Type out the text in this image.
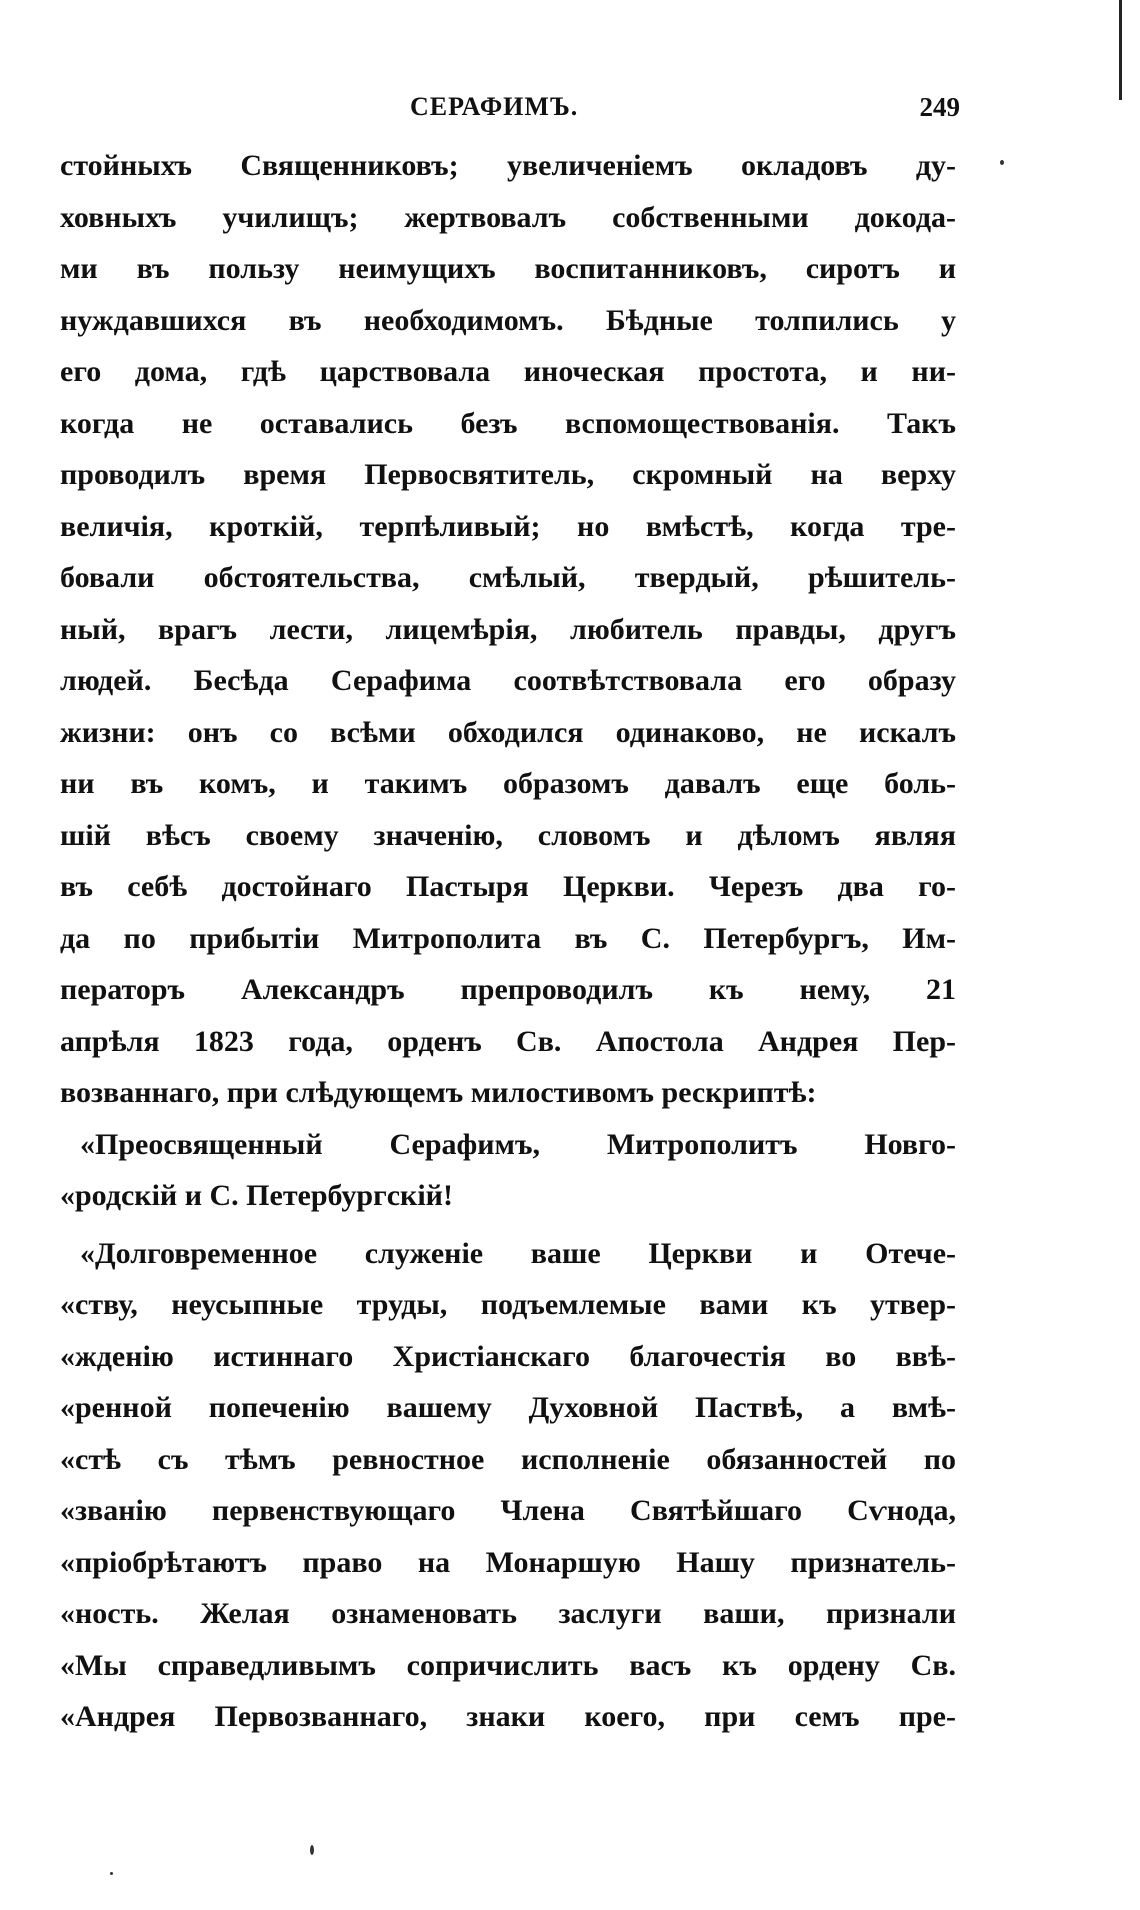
СЕРАФИМЪ.	249
стойныхъ Священниковъ; увеличенiемъ окладовъ ду-
ховныхъ училищъ; жертвовалъ собственными докода-
ми въ пользу неимущихъ воспитанниковъ, сиротъ и
нуждавшихся въ необходимомъ. Бѣдные толпились у
его дома, гдѣ царствовала иноческая простота, и ни-
когда не оставались безъ вспомоществованiя. Такъ
проводилъ время Первосвятитель, скромный на верху
величiя, кроткiй, терпѣливый; но вмѣстѣ, когда тре-
бовали обстоятельства, смѣлый, твердый, рѣшитель-
ный, врагъ лести, лицемѣрiя, любитель правды, другъ
людей. Бесѣда Серафима соотвѣтствовала его образу
жизни: онъ со всѣми обходился одинаково, не искалъ
ни въ комъ, и такимъ образомъ давалъ еще боль-
шiй вѣсъ своему значенiю, словомъ и дѣломъ являя
въ себѣ достойнаго Пастыря Церкви. Черезъ два го-
да по прибытiи Митрополита въ С. Петербургъ, Им-
ператоръ Александръ препроводилъ къ нему, 21
апрѣля 1823 года, орденъ Св. Апостола Андрея Пер-
возваннаго, при слѣдующемъ милостивомъ рескриптѣ:
«Преосвященный Серафимъ, Митрополитъ Новго-
«родскiй и С. Петербургскiй!
«Долговременное служенiе ваше Церкви и Отече-
«ству, неусыпные труды, подъемлемые вами къ утвер-
«жденiю истиннаго Христiанскаго благочестiя во ввѣ-
«ренной попеченiю вашему Духовной Паствѣ, а вмѣ-
«стѣ съ тѣмъ ревностное исполненiе обязанностей по
«званiю первенствующаго Члена Святѣйшаго Сѵнода,
«прiобрѣтаютъ право на Монаршую Нашу признатель-
«ность. Желая ознаменовать заслуги ваши, признали
«Мы справедливымъ сопричислить васъ къ ордену Св.
«Андрея Первозваннаго, знаки коего, при семъ пре-
